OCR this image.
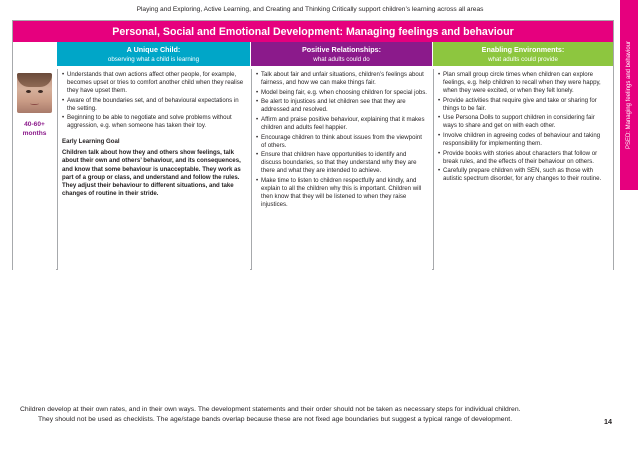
Playing and Exploring, Active Learning, and Creating and Thinking Critically support children’s learning across all areas
PSED: Managing feelings and behaviour
Personal, Social and Emotional Development: Managing feelings and behaviour
A Unique Child:
observing what a child is learning
Positive Relationships:
what adults could do
Enabling Environments:
what adults could provide
40-60+ months
• Understands that own actions affect other people, for example, becomes upset or tries to comfort another child when they realise they have upset them.
• Aware of the boundaries set, and of behavioural expectations in the setting.
• Beginning to be able to negotiate and solve problems without aggression, e.g. when someone has taken their toy.
Early Learning Goal
Children talk about how they and others show feelings, talk about their own and others’ behaviour, and its consequences, and know that some behaviour is unacceptable. They work as part of a group or class, and understand and follow the rules. They adjust their behaviour to different situations, and take changes of routine in their stride.
• Talk about fair and unfair situations, children’s feelings about fairness, and how we can make things fair.
• Model being fair, e.g. when choosing children for special jobs.
• Be alert to injustices and let children see that they are addressed and resolved.
• Affirm and praise positive behaviour, explaining that it makes children and adults feel happier.
• Encourage children to think about issues from the viewpoint of others.
• Ensure that children have opportunities to identify and discuss boundaries, so that they understand why they are there and what they are intended to achieve.
• Make time to listen to children respectfully and kindly, and explain to all the children why this is important. Children will then know that they will be listened to when they raise injustices.
• Plan small group circle times when children can explore feelings, e.g. help children to recall when they were happy, when they were excited, or when they felt lonely.
• Provide activities that require give and take or sharing for things to be fair.
• Use Persona Dolls to support children in considering fair ways to share and get on with each other.
• Involve children in agreeing codes of behaviour and taking responsibility for implementing them.
• Provide books with stories about characters that follow or break rules, and the effects of their behaviour on others.
• Carefully prepare children with SEN, such as those with autistic spectrum disorder, for any changes to their routine.
Children develop at their own rates, and in their own ways. The development statements and their order should not be taken as necessary steps for individual children.
They should not be used as checklists. The age/stage bands overlap because these are not fixed age boundaries but suggest a typical range of development.	14
